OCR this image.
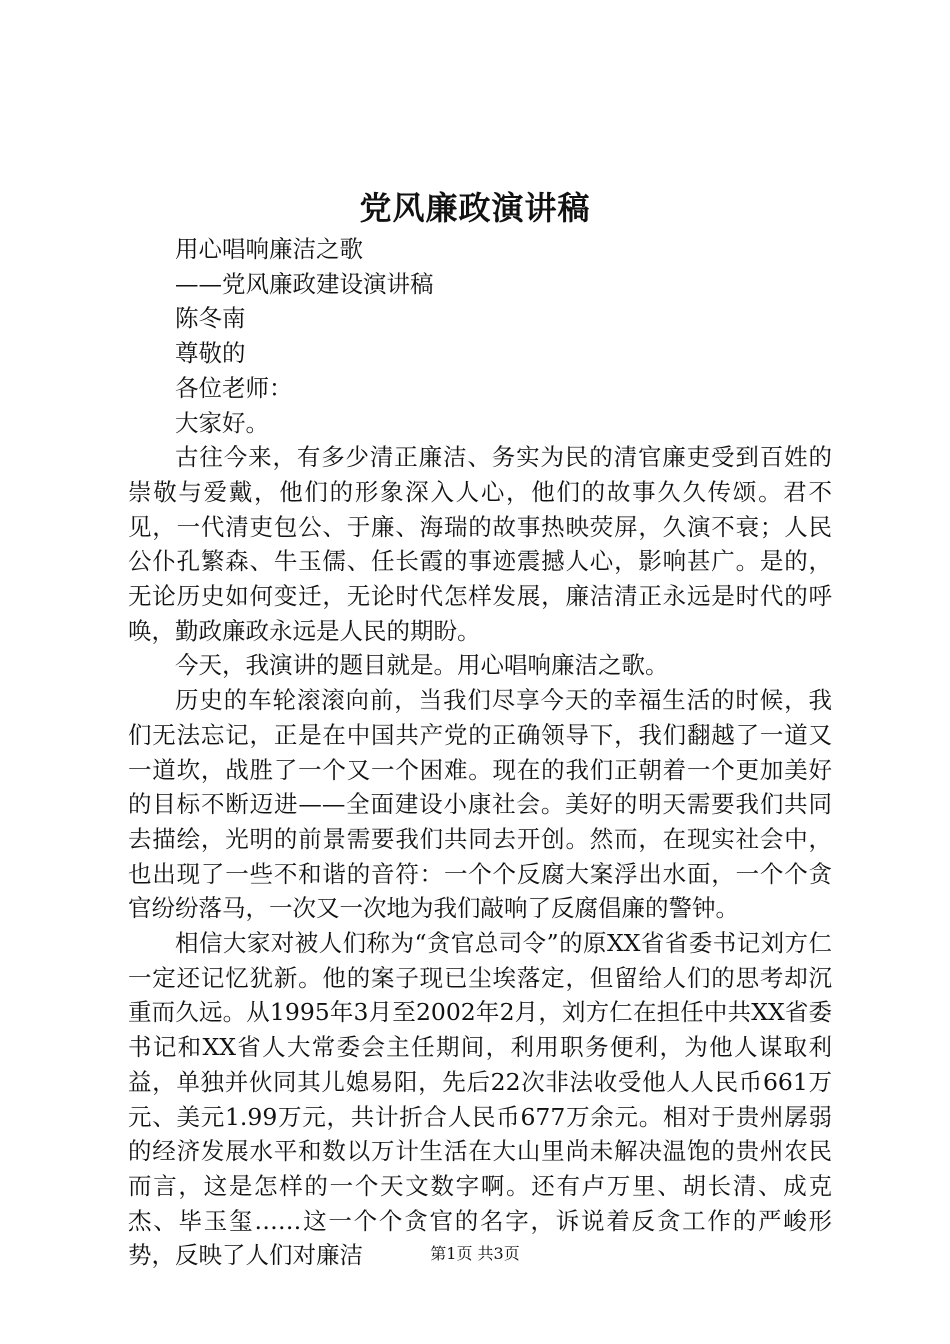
党风廉政演讲稿

用心唱响廉洁之歌

——党风廉政建设演讲稿

陈冬南

尊敬的

各位老师：

大家好。

古往今来，有多少清正廉洁、务实为民的清官廉吏受到百姓的崇敬与爱戴，他们的形象深入人心，他们的故事久久传颂。君不见，一代清吏包公、于廉、海瑞的故事热映荧屏，久演不衰；人民公仆孔繁森、牛玉儒、任长霞的事迹震撼人心，影响甚广。是的，无论历史如何变迁，无论时代怎样发展，廉洁清正永远是时代的呼唤，勤政廉政永远是人民的期盼。

今天，我演讲的题目就是。用心唱响廉洁之歌。

历史的车轮滚滚向前，当我们尽享今天的幸福生活的时候，我们无法忘记，正是在中国共产党的正确领导下，我们翻越了一道又一道坎，战胜了一个又一个困难。现在的我们正朝着一个更加美好的目标不断迈进——全面建设小康社会。美好的明天需要我们共同去描绘，光明的前景需要我们共同去开创。然而，在现实社会中，也出现了一些不和谐的音符：一个个反腐大案浮出水面，一个个贪官纷纷落马，一次又一次地为我们敲响了反腐倡廉的警钟。

相信大家对被人们称为“贪官总司令”的原XX省省委书记刘方仁一定还记忆犹新。他的案子现已尘埃落定，但留给人们的思考却沉重而久远。从1995年3月至2002年2月，刘方仁在担任中共XX省委书记和XX省人大常委会主任期间，利用职务便利，为他人谋取利益，单独并伙同其儿媳易阳，先后22次非法收受他人人民币661万元、美元1.99万元，共计折合人民币677万余元。相对于贵州孱弱的经济发展水平和数以万计生活在大山里尚未解决温饱的贵州农民而言，这是怎样的一个天文数字啊。还有卢万里、胡长清、成克杰、毕玉玺……这一个个贪官的名字，诉说着反贪工作的严峻形势，反映了人们对廉洁	第1页 共3页
